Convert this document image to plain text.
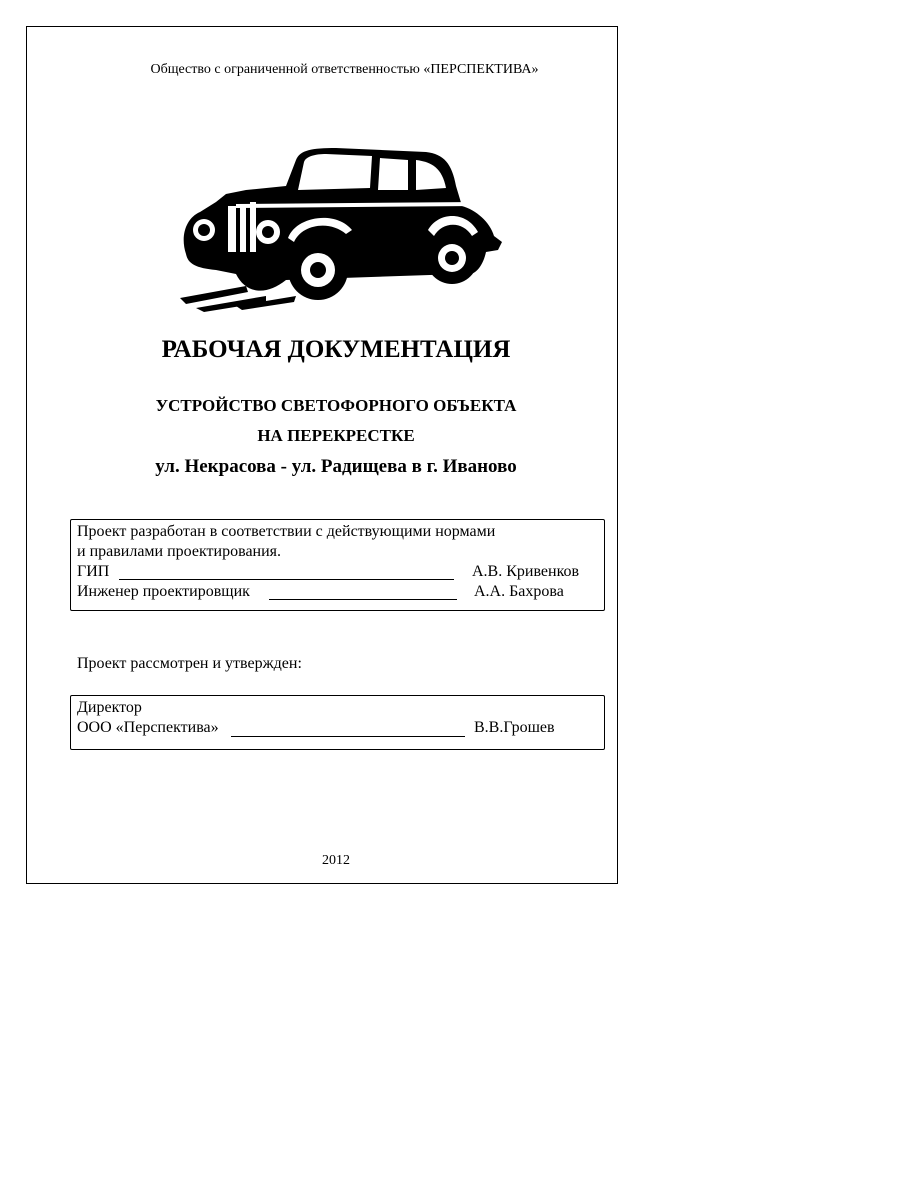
Общество с ограниченной ответственностью «ПЕРСПЕКТИВА»
РАБОЧАЯ ДОКУМЕНТАЦИЯ
УСТРОЙСТВО СВЕТОФОРНОГО ОБЪЕКТА
НА ПЕРЕКРЕСТКЕ
ул. Некрасова - ул. Радищева в г. Иваново
Проект разработан в соответствии с действующими нормами
и правилами проектирования.
ГИП	А.В. Кривенков
Инженер проектировщик	А.А. Бахрова
Проект рассмотрен и утвержден:
Директор
ООО «Перспектива»	В.В.Грошев
2012
